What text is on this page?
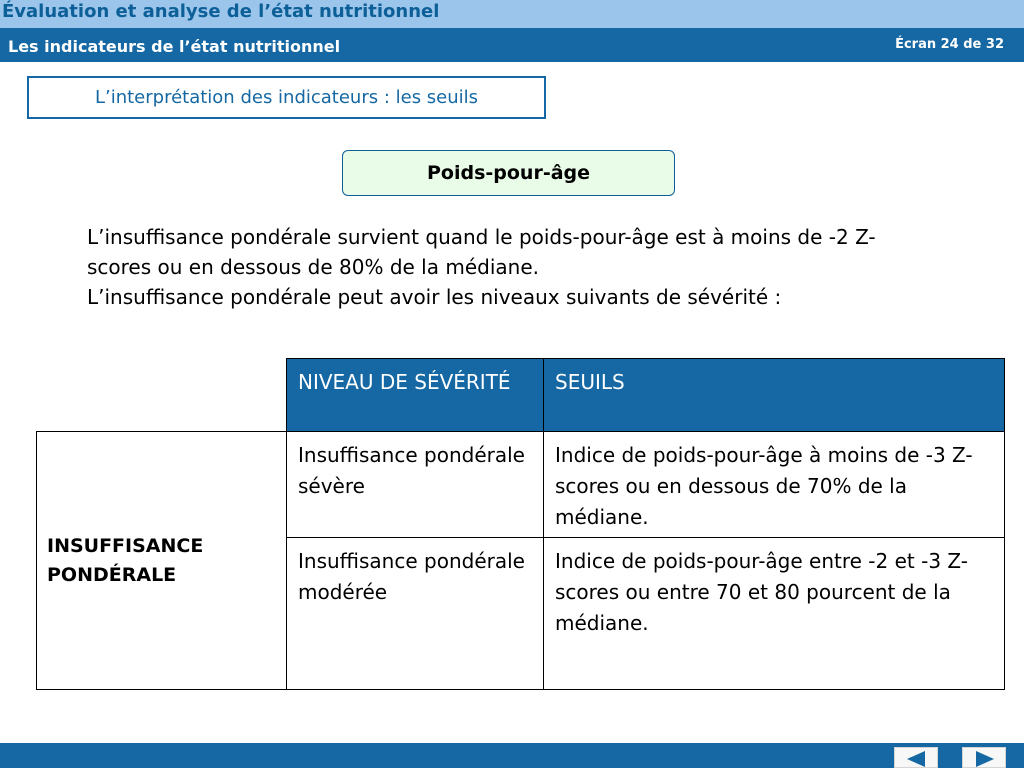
Évaluation et analyse de l’état nutritionnel
Les indicateurs de l’état nutritionnel	Écran 24 de 32
L’interprétation des indicateurs : les seuils
Poids-pour-âge

L’insuffisance pondérale survient quand le poids-pour-âge est à moins de -2 Z-scores ou en dessous de 80% de la médiane.

L’insuffisance pondérale peut avoir les niveaux suivants de sévérité :

NIVEAU DE SÉVÉRITÉ	SEUILS
INSUFFISANCE PONDÉRALE
Insuffisance pondérale sévère
Indice de poids-pour-âge à moins de -3 Z-scores ou en dessous de 70% de la médiane.
Insuffisance pondérale modérée
Indice de poids-pour-âge entre -2 et -3 Z-scores ou entre 70 et 80 pourcent de la médiane.
